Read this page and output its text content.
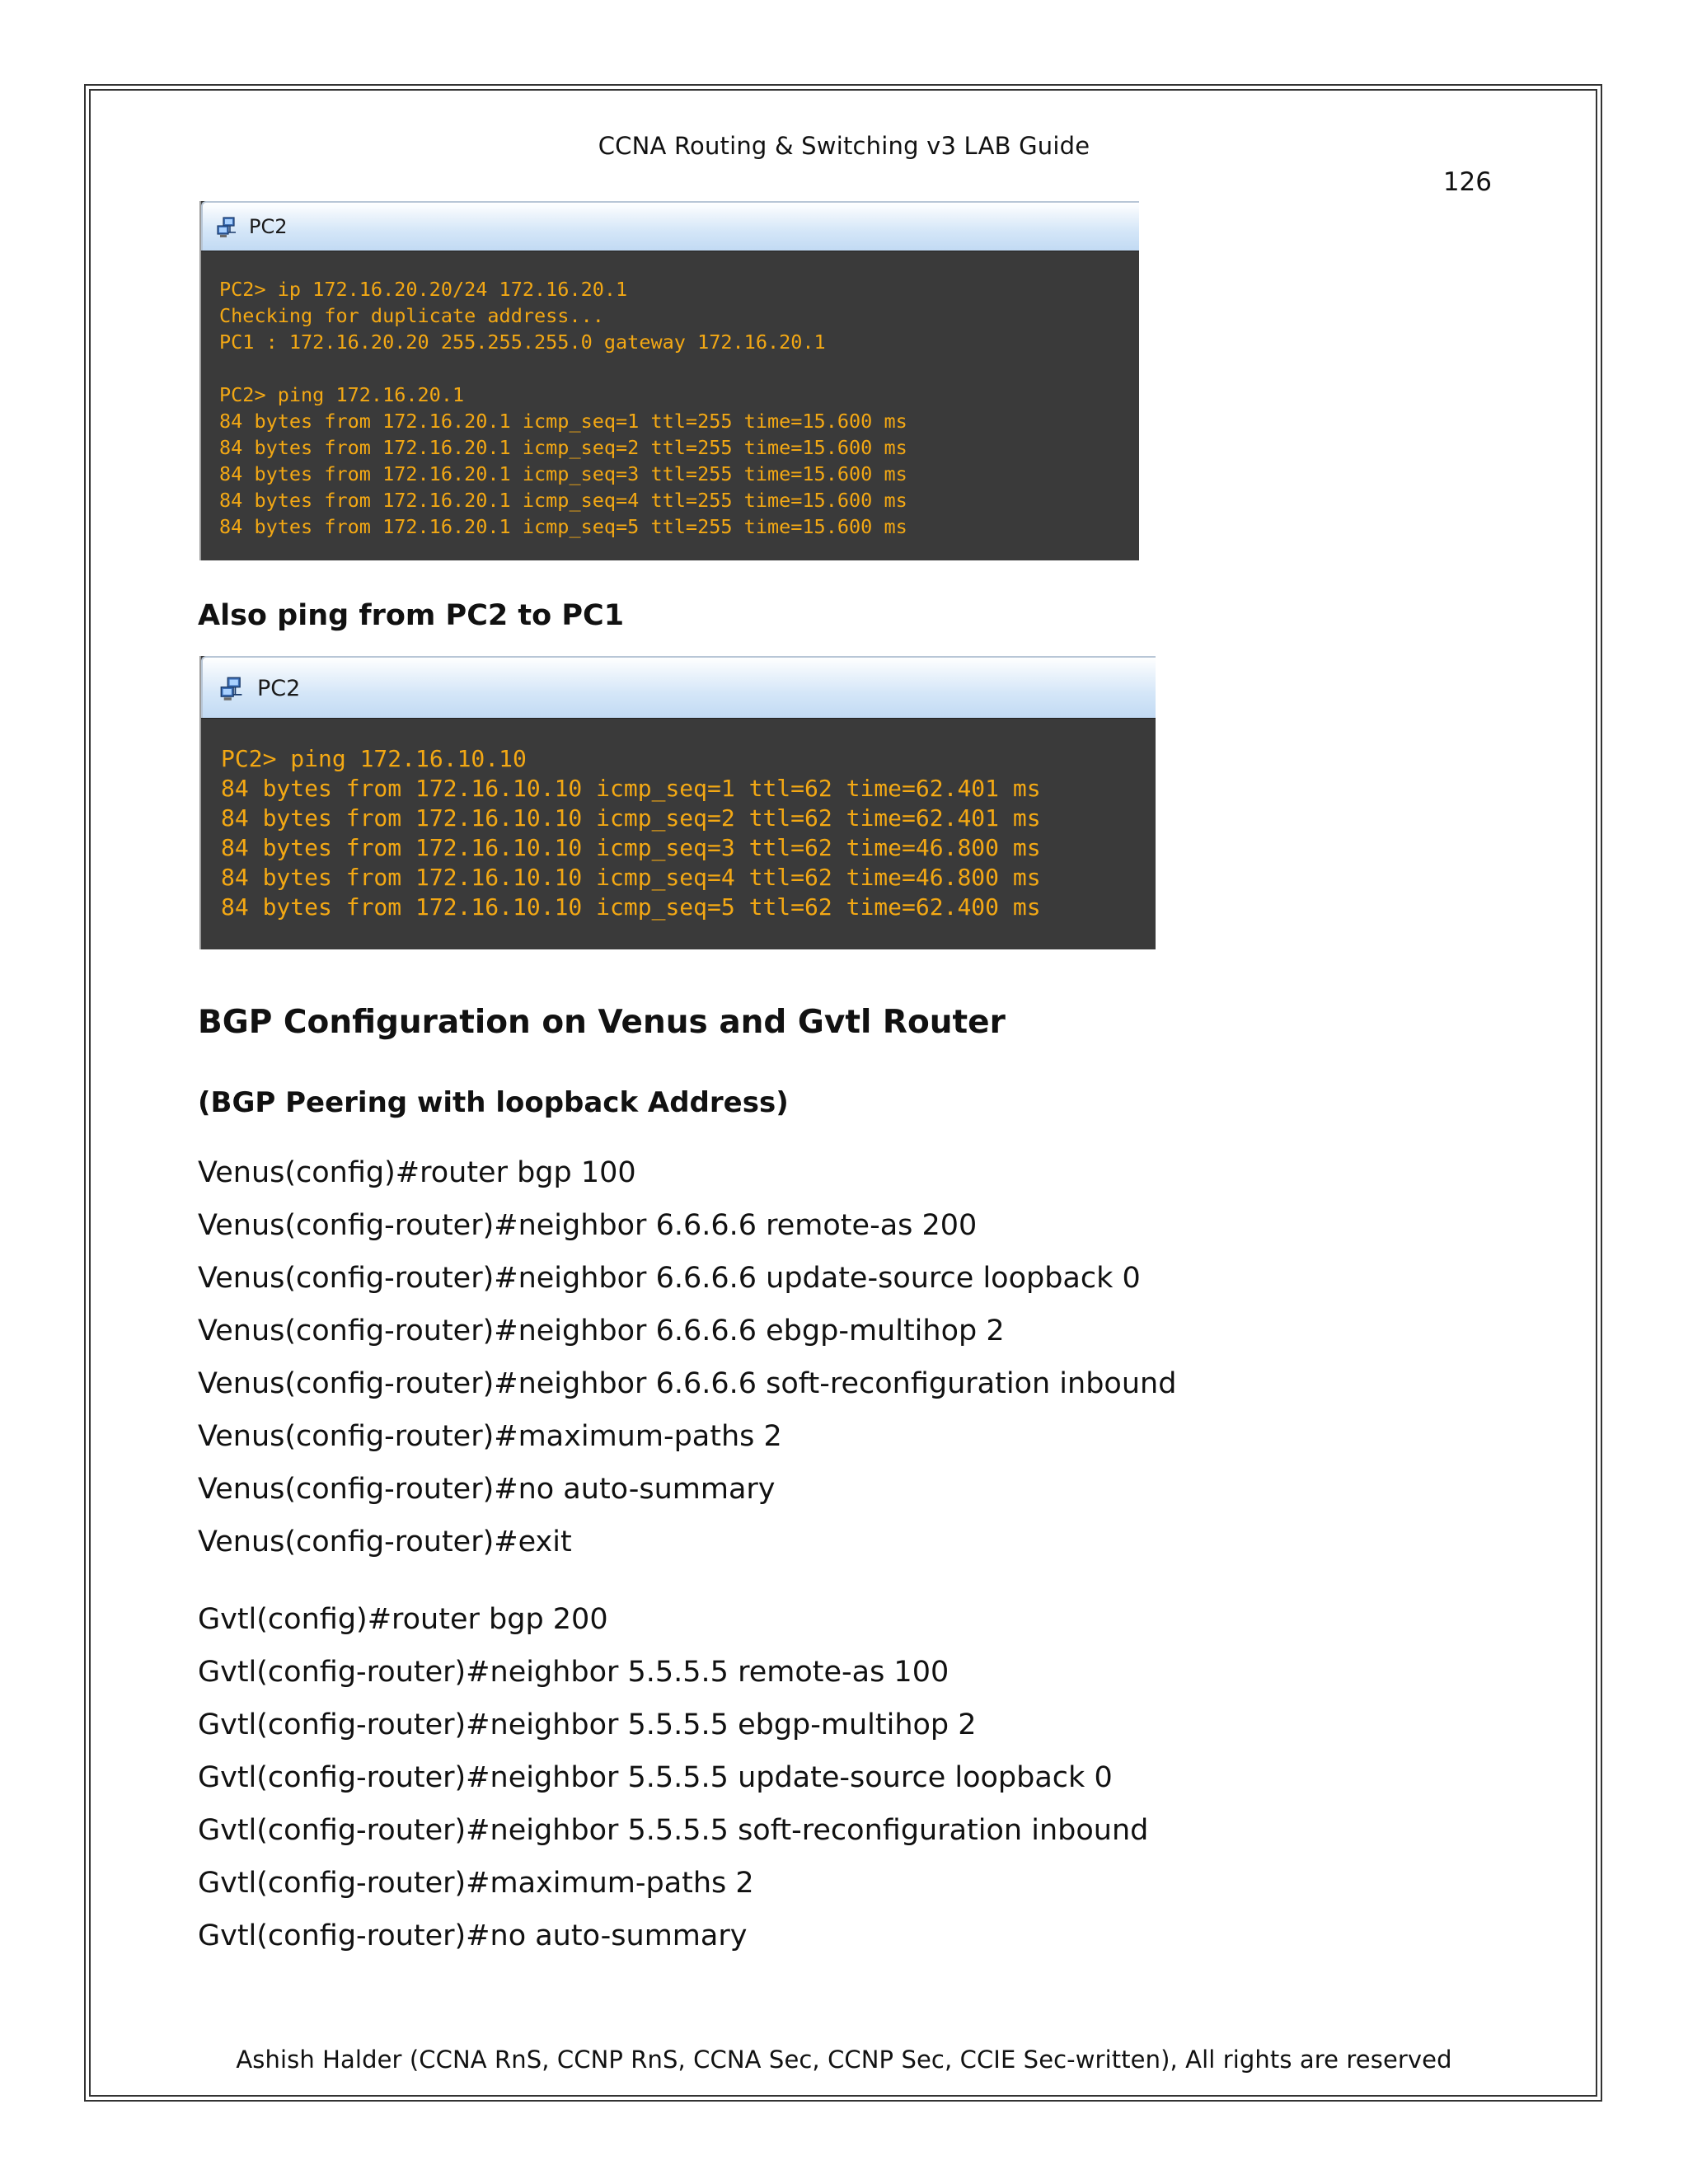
CCNA Routing & Switching v3 LAB Guide
126
PC2
PC2> ip 172.16.20.20/24 172.16.20.1
Checking for duplicate address...
PC1 : 172.16.20.20 255.255.255.0 gateway 172.16.20.1
PC2> ping 172.16.20.1
84 bytes from 172.16.20.1 icmp_seq=1 ttl=255 time=15.600 ms
84 bytes from 172.16.20.1 icmp_seq=2 ttl=255 time=15.600 ms
84 bytes from 172.16.20.1 icmp_seq=3 ttl=255 time=15.600 ms
84 bytes from 172.16.20.1 icmp_seq=4 ttl=255 time=15.600 ms
84 bytes from 172.16.20.1 icmp_seq=5 ttl=255 time=15.600 ms
Also ping from PC2 to PC1
PC2
PC2> ping 172.16.10.10
84 bytes from 172.16.10.10 icmp_seq=1 ttl=62 time=62.401 ms
84 bytes from 172.16.10.10 icmp_seq=2 ttl=62 time=62.401 ms
84 bytes from 172.16.10.10 icmp_seq=3 ttl=62 time=46.800 ms
84 bytes from 172.16.10.10 icmp_seq=4 ttl=62 time=46.800 ms
84 bytes from 172.16.10.10 icmp_seq=5 ttl=62 time=62.400 ms
BGP Configuration on Venus and Gvtl Router
(BGP Peering with loopback Address)
Venus(config)#router bgp 100
Venus(config-router)#neighbor 6.6.6.6 remote-as 200
Venus(config-router)#neighbor 6.6.6.6 update-source loopback 0
Venus(config-router)#neighbor 6.6.6.6 ebgp-multihop 2
Venus(config-router)#neighbor 6.6.6.6 soft-reconfiguration inbound
Venus(config-router)#maximum-paths 2
Venus(config-router)#no auto-summary
Venus(config-router)#exit
Gvtl(config)#router bgp 200
Gvtl(config-router)#neighbor 5.5.5.5 remote-as 100
Gvtl(config-router)#neighbor 5.5.5.5 ebgp-multihop 2
Gvtl(config-router)#neighbor 5.5.5.5 update-source loopback 0
Gvtl(config-router)#neighbor 5.5.5.5 soft-reconfiguration inbound
Gvtl(config-router)#maximum-paths 2
Gvtl(config-router)#no auto-summary
Ashish Halder (CCNA RnS, CCNP RnS, CCNA Sec, CCNP Sec, CCIE Sec-written), All rights are reserved
